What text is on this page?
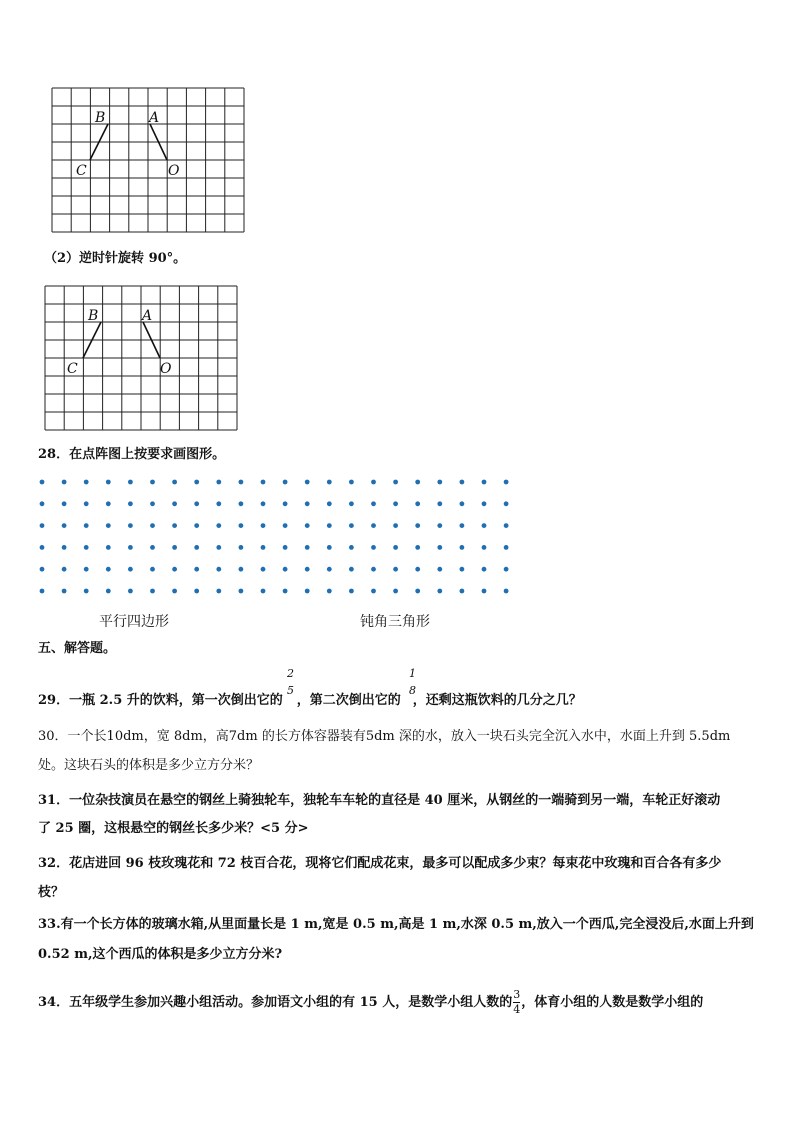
B	A
C	O
（2）逆时针旋转 90°。
B	A
C	O
28．在点阵图上按要求画图形。
平行四边形	钝角三角形
五、解答题。
29．一瓶 2.5 升的饮料，第一次倒出它的 ，第二次倒出它的 ，还剩这瓶饮料的几分之几？
2
5
1
8
30．一个长10dm，宽 8dm，高7dm 的长方体容器装有5dm 深的水，放入一块石头完全沉入水中，水面上升到 5.5dm
处。这块石头的体积是多少立方分米？
31．一位杂技演员在悬空的钢丝上骑独轮车，独轮车车轮的直径是 40 厘米，从钢丝的一端骑到另一端，车轮正好滚动
了 25 圈，这根悬空的钢丝长多少米？<5 分>
32．花店进回 96 枝玫瑰花和 72 枝百合花，现将它们配成花束，最多可以配成多少束？每束花中玫瑰和百合各有多少
枝？
33.有一个长方体的玻璃水箱,从里面量长是 1 m,宽是 0.5 m,高是 1 m,水深 0.5 m,放入一个西瓜,完全浸没后,水面上升到
0.52 m,这个西瓜的体积是多少立方分米?
34．五年级学生参加兴趣小组活动。参加语文小组的有 15 人，是数学小组人数的 $\frac{3}{4}$ ，体育小组的人数是数学小组的
